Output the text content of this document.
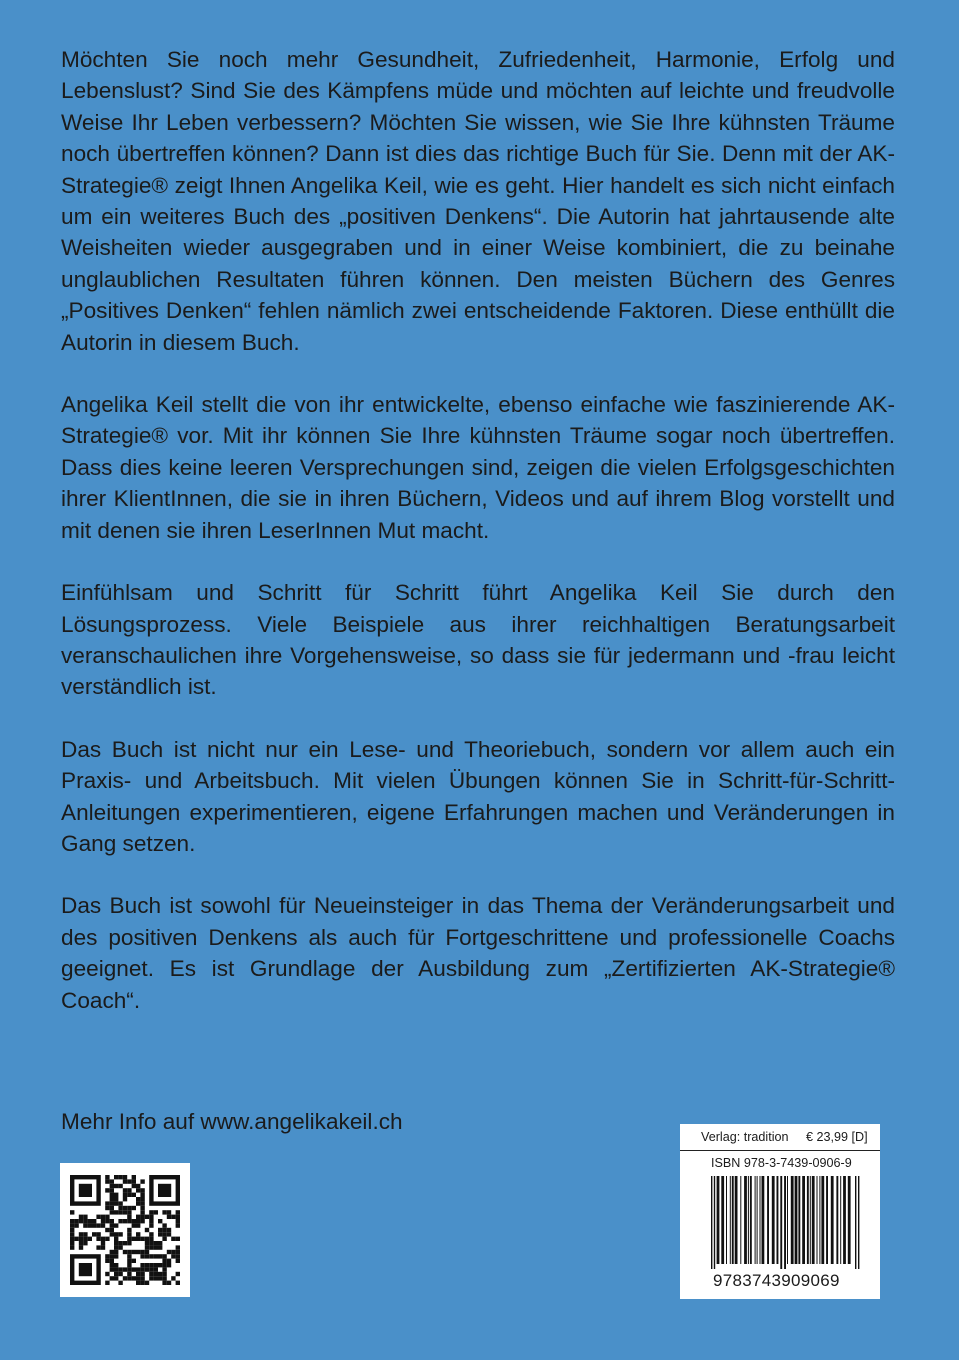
Möchten Sie noch mehr Gesundheit, Zufriedenheit, Harmonie, Erfolg und Lebenslust? Sind Sie des Kämpfens müde und möchten auf leichte und freudvolle Weise Ihr Leben verbessern? Möchten Sie wissen, wie Sie Ihre kühnsten Träume noch übertreffen können? Dann ist dies das richtige Buch für Sie. Denn mit der AK-Strategie® zeigt Ihnen Angelika Keil, wie es geht. Hier handelt es sich nicht einfach um ein weiteres Buch des „positiven Denkens“. Die Autorin hat jahrtausende alte Weisheiten wieder ausgegraben und in einer Weise kombiniert, die zu beinahe unglaublichen Resultaten führen können. Den meisten Büchern des Genres „Positives Denken“ fehlen nämlich zwei entscheidende Faktoren. Diese enthüllt die Autorin in diesem Buch.

Angelika Keil stellt die von ihr entwickelte, ebenso einfache wie faszinierende AK-Strategie® vor. Mit ihr können Sie Ihre kühnsten Träume sogar noch übertreffen. Dass dies keine leeren Versprechungen sind, zeigen die vielen Erfolgsgeschichten ihrer KlientInnen, die sie in ihren Büchern, Videos und auf ihrem Blog vorstellt und mit denen sie ihren LeserInnen Mut macht.

Einfühlsam und Schritt für Schritt führt Angelika Keil Sie durch den Lösungsprozess. Viele Beispiele aus ihrer reichhaltigen Beratungsarbeit veranschaulichen ihre Vorgehensweise, so dass sie für jedermann und -frau leicht verständlich ist.

Das Buch ist nicht nur ein Lese- und Theoriebuch, sondern vor allem auch ein Praxis- und Arbeitsbuch. Mit vielen Übungen können Sie in Schritt-für-Schritt-Anleitungen experimentieren, eigene Erfahrungen machen und Veränderungen in Gang setzen.

Das Buch ist sowohl für Neueinsteiger in das Thema der Veränderungsarbeit und des positiven Denkens als auch für Fortgeschrittene und professionelle Coachs geeignet. Es ist Grundlage der Ausbildung zum „Zertifizierten AK-Strategie® Coach“.

Mehr Info auf www.angelikakeil.ch
Verlag: tradition € 23,99 [D]
ISBN 978-3-7439-0906-9
9783743909069
